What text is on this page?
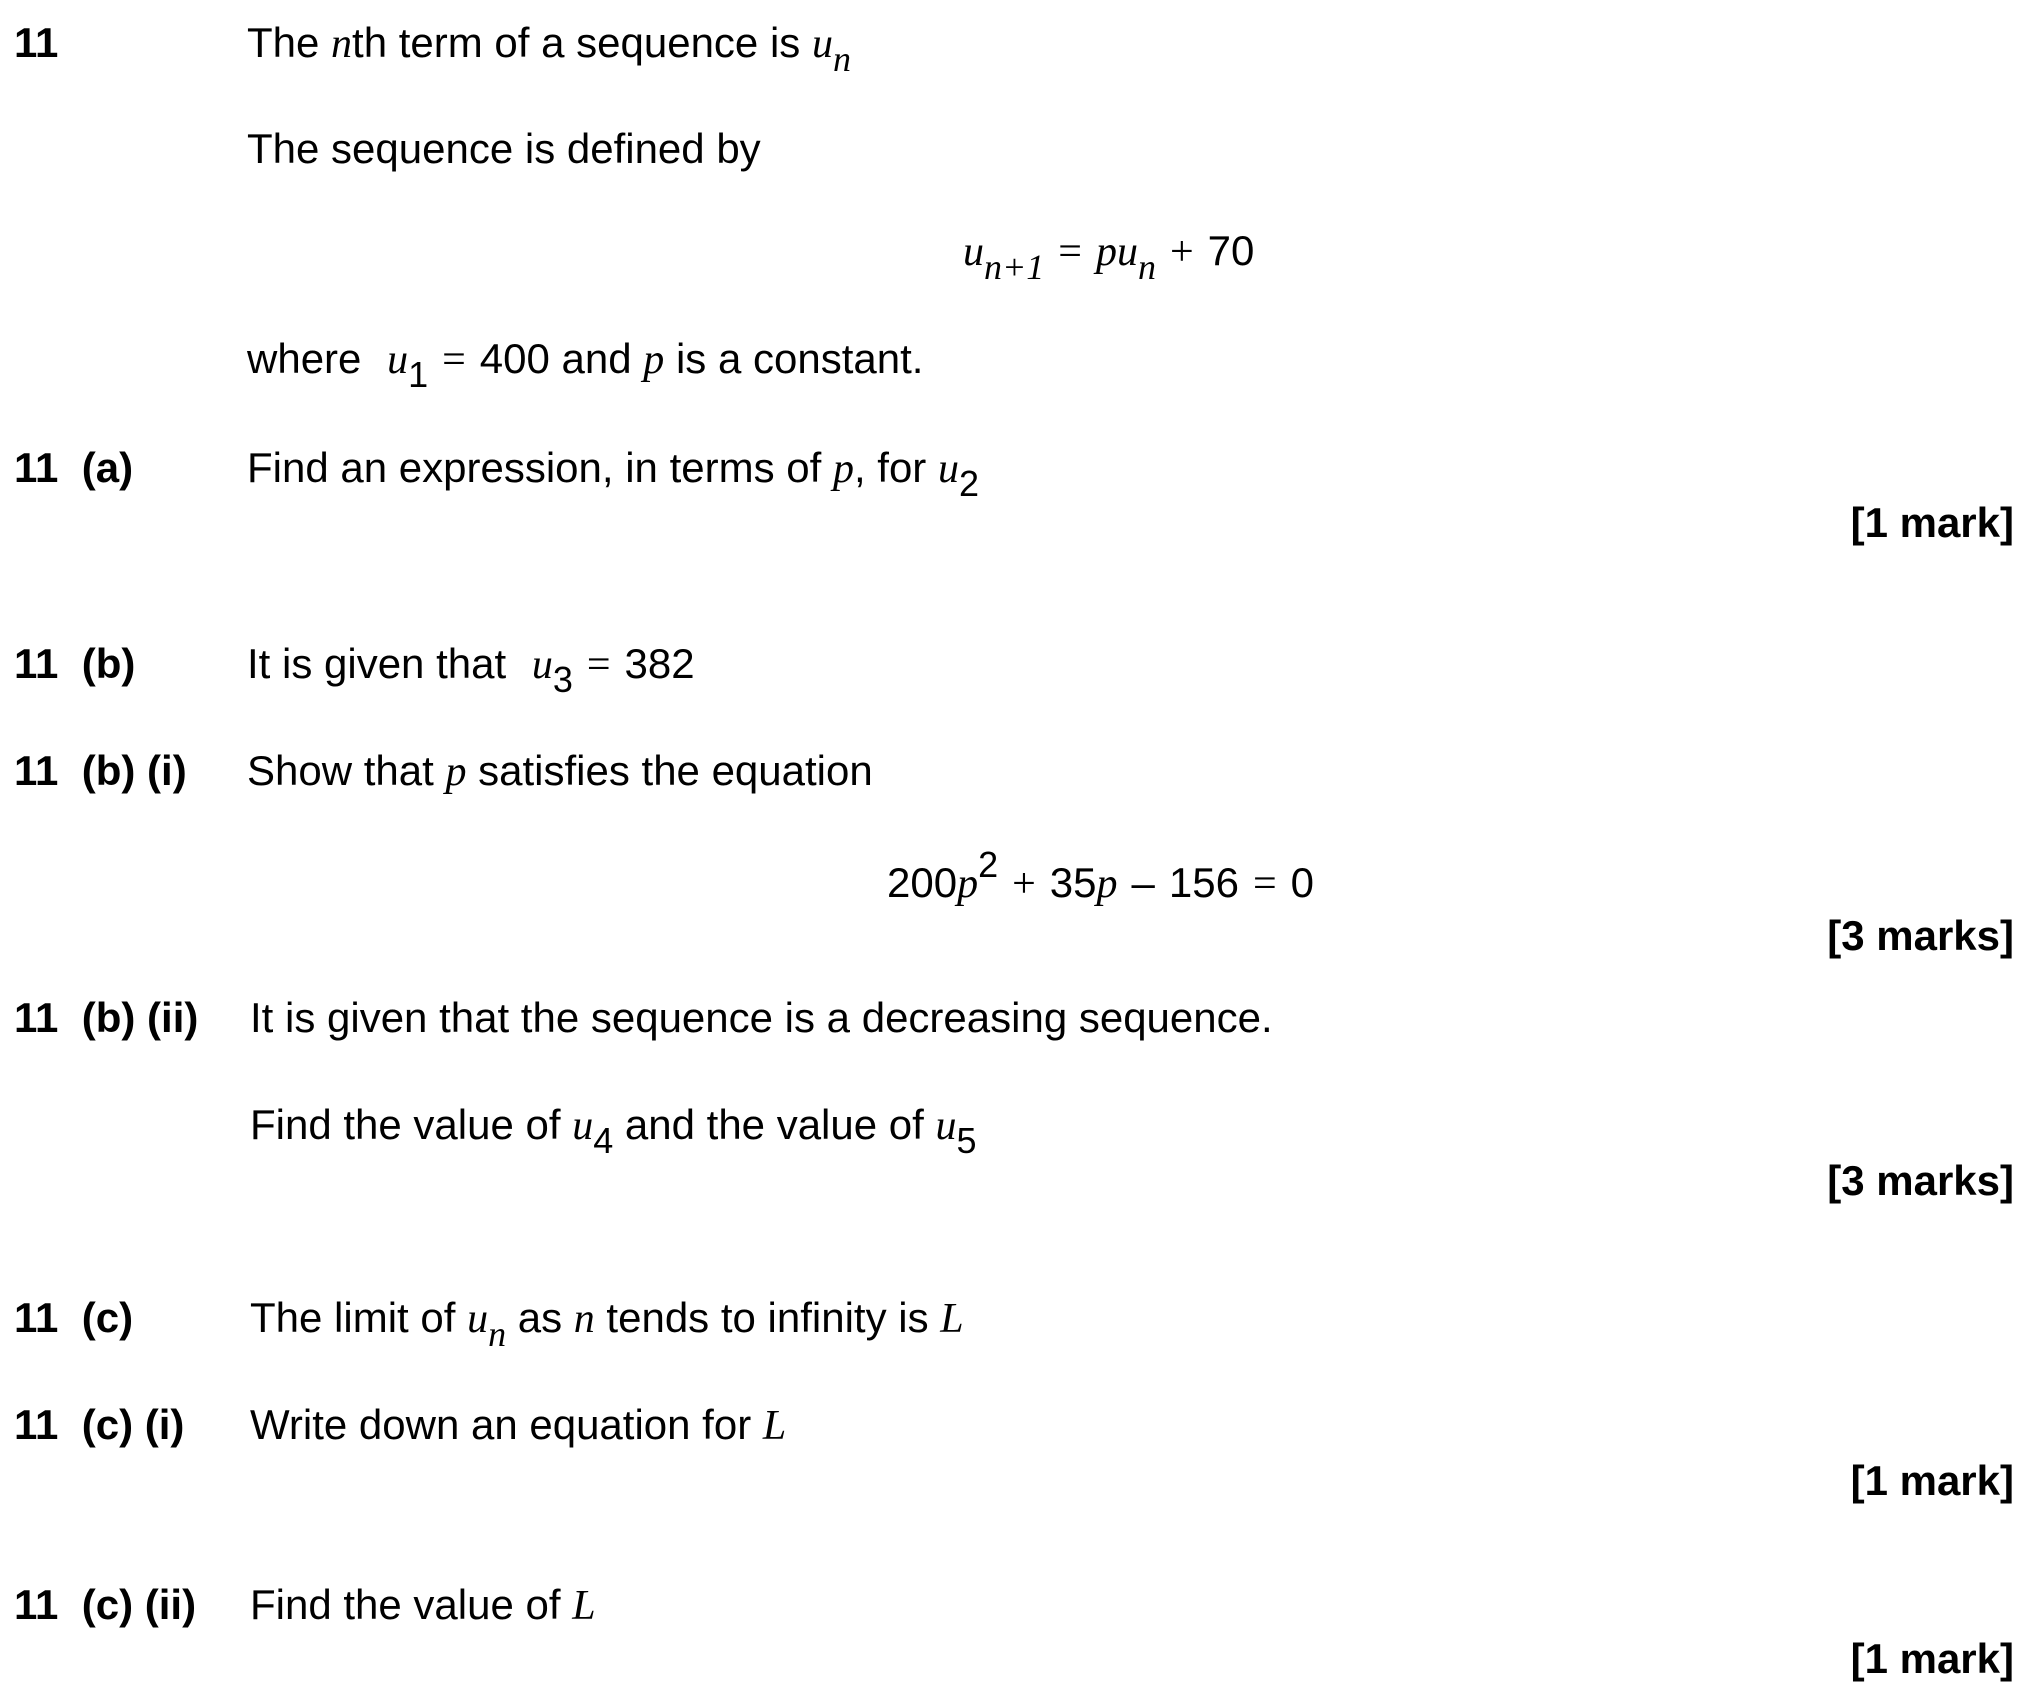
11	The nth term of a sequence is un
The sequence is defined by
un+1 = pun + 70
where u1 = 400 and p is a constant.
11 (a)	Find an expression, in terms of p, for u2
[1 mark]
11 (b)	It is given that u3 = 382
11 (b) (i) Show that p satisfies the equation
200p2 + 35p – 156 = 0
[3 marks]
11 (b) (ii) It is given that the sequence is a decreasing sequence.
Find the value of u4 and the value of u5
[3 marks]
11 (c)	The limit of un as n tends to infinity is L
11 (c) (i) Write down an equation for L
[1 mark]
11 (c) (ii) Find the value of L
[1 mark]
